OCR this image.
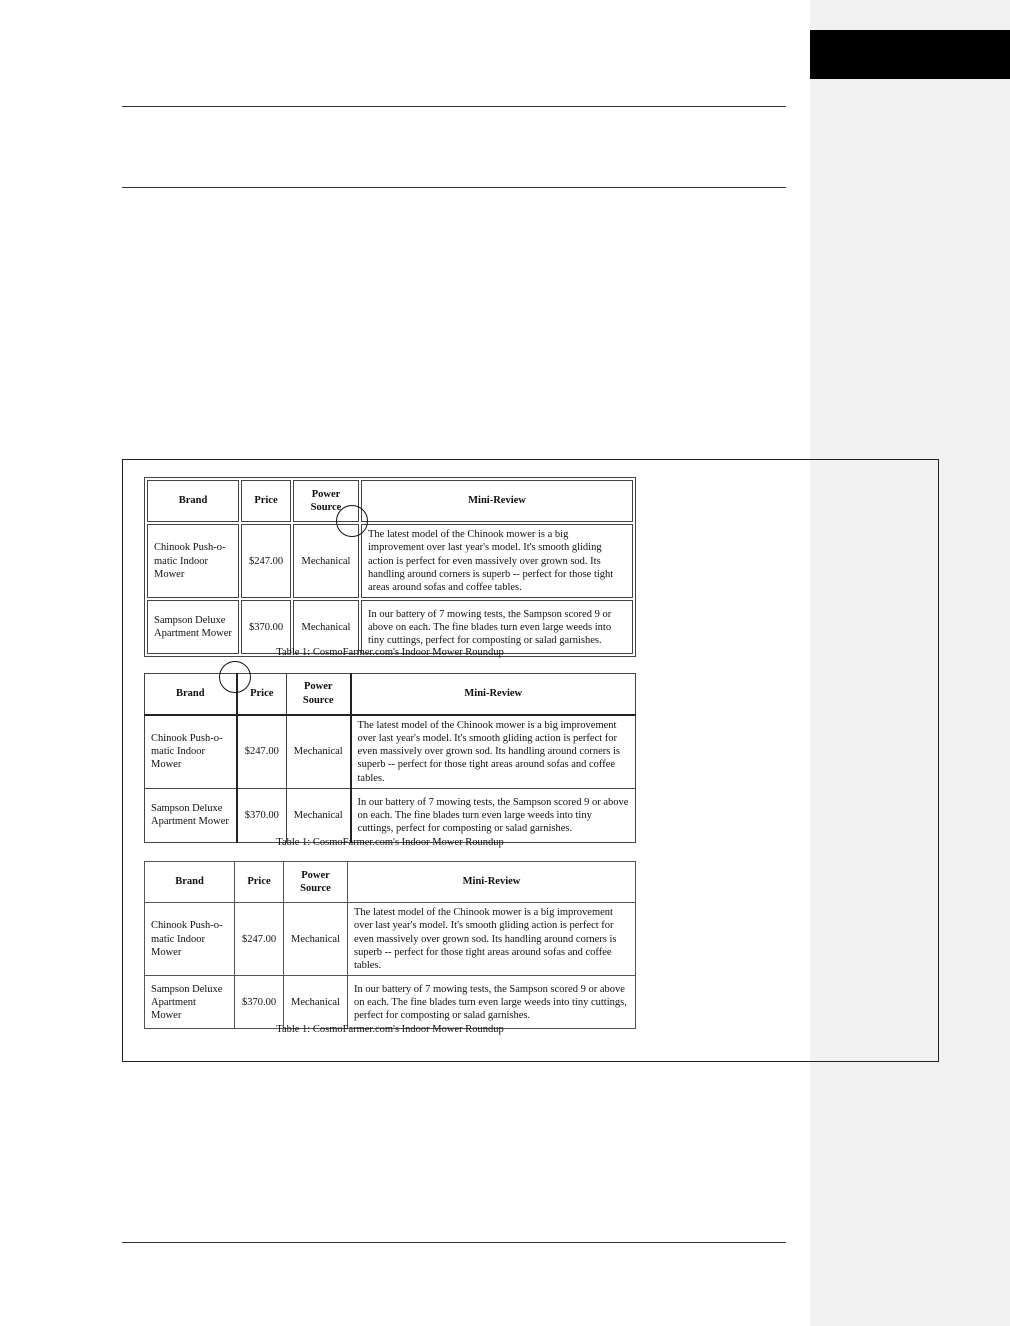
Brand	Price	Power Source	Mini-Review
Chinook Push-o-matic Indoor Mower	$247.00	Mechanical	The latest model of the Chinook mower is a big improvement over last year's model. It's smooth gliding action is perfect for even massively over grown sod. Its handling around corners is superb -- perfect for those tight areas around sofas and coffee tables.
Sampson Deluxe Apartment Mower	$370.00	Mechanical	In our battery of 7 mowing tests, the Sampson scored 9 or above on each. The fine blades turn even large weeds into tiny cuttings, perfect for composting or salad garnishes.
Table 1: CosmoFarmer.com's Indoor Mower Roundup
Brand	Price	Power Source	Mini-Review
Chinook Push-o-matic Indoor Mower	$247.00	Mechanical	The latest model of the Chinook mower is a big improvement over last year's model. It's smooth gliding action is perfect for even massively over grown sod. Its handling around corners is superb -- perfect for those tight areas around sofas and coffee tables.
Sampson Deluxe Apartment Mower	$370.00	Mechanical	In our battery of 7 mowing tests, the Sampson scored 9 or above on each. The fine blades turn even large weeds into tiny cuttings, perfect for composting or salad garnishes.
Table 1: CosmoFarmer.com's Indoor Mower Roundup
Brand	Price	Power Source	Mini-Review
Chinook Push-o-matic Indoor Mower	$247.00	Mechanical	The latest model of the Chinook mower is a big improvement over last year's model. It's smooth gliding action is perfect for even massively over grown sod. Its handling around corners is superb -- perfect for those tight areas around sofas and coffee tables.
Sampson Deluxe Apartment Mower	$370.00	Mechanical	In our battery of 7 mowing tests, the Sampson scored 9 or above on each. The fine blades turn even large weeds into tiny cuttings, perfect for composting or salad garnishes.
Table 1: CosmoFarmer.com's Indoor Mower Roundup
